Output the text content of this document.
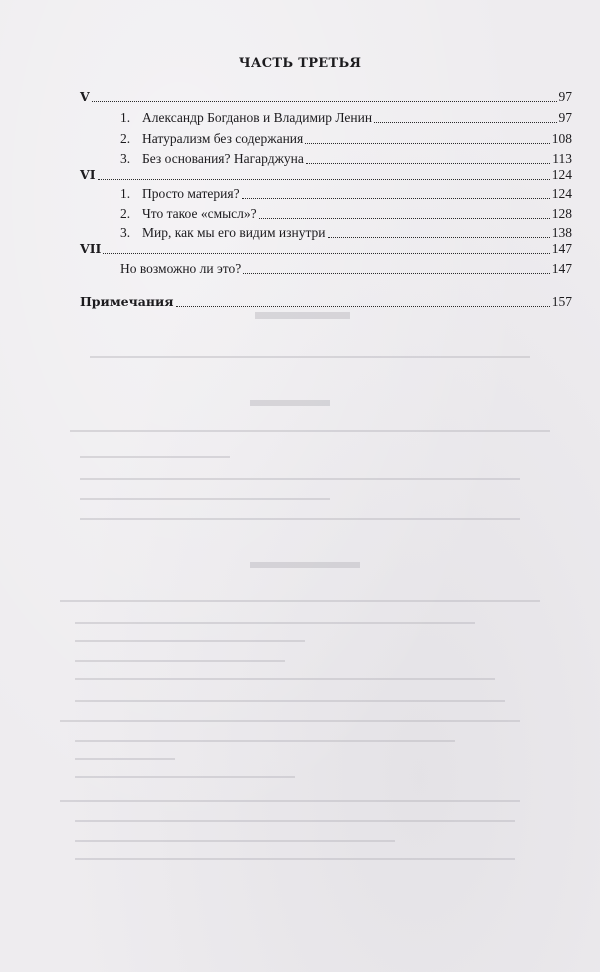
ЧАСТЬ ТРЕТЬЯ
V	97
1. Александр Богданов и Владимир Ленин	97
2. Натурализм без содержания	108
3. Без основания? Нагарджуна	113
VI	124
1. Просто материя?	124
2. Что такое «смысл»?	128
3. Мир, как мы его видим изнутри	138
VII	147
Но возможно ли это?	147
Примечания	157
